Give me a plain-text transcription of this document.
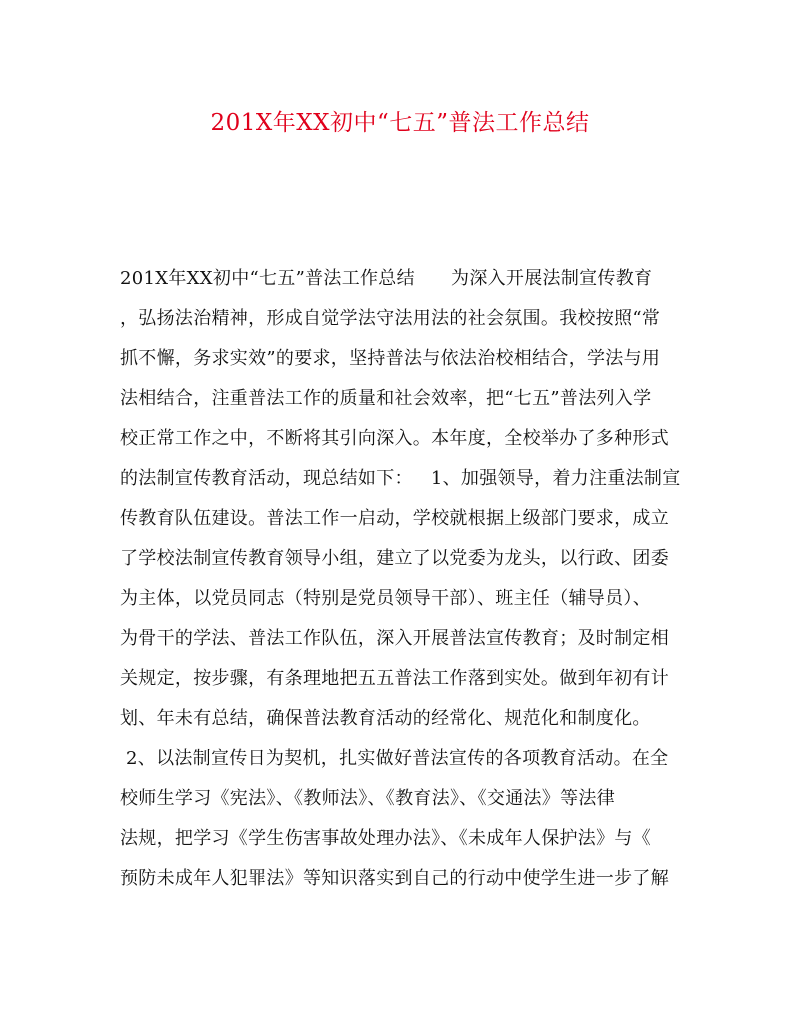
201X年XX初中“七五”普法工作总结
201X年XX初中“七五”普法工作总结      为深入开展法制宣传教育
，弘扬法治精神，形成自觉学法守法用法的社会氛围。我校按照“常
抓不懈，务求实效”的要求，坚持普法与依法治校相结合，学法与用
法相结合，注重普法工作的质量和社会效率，把“七五”普法列入学
校正常工作之中，不断将其引向深入。本年度，全校举办了多种形式
的法制宣传教育活动，现总结如下：   1、加强领导，着力注重法制宣
传教育队伍建设。普法工作一启动，学校就根据上级部门要求，成立
了学校法制宣传教育领导小组，建立了以党委为龙头，以行政、团委
为主体，以党员同志（特别是党员领导干部）、班主任（辅导员）、
为骨干的学法、普法工作队伍，深入开展普法宣传教育；及时制定相
关规定，按步骤，有条理地把五五普法工作落到实处。做到年初有计
划、年未有总结，确保普法教育活动的经常化、规范化和制度化。
2、以法制宣传日为契机，扎实做好普法宣传的各项教育活动。在全
校师生学习《宪法》、《教师法》、《教育法》、《交通法》等法律
法规，把学习《学生伤害事故处理办法》、《未成年人保护法》与《
预防未成年人犯罪法》等知识落实到自己的行动中使学生进一步了解
